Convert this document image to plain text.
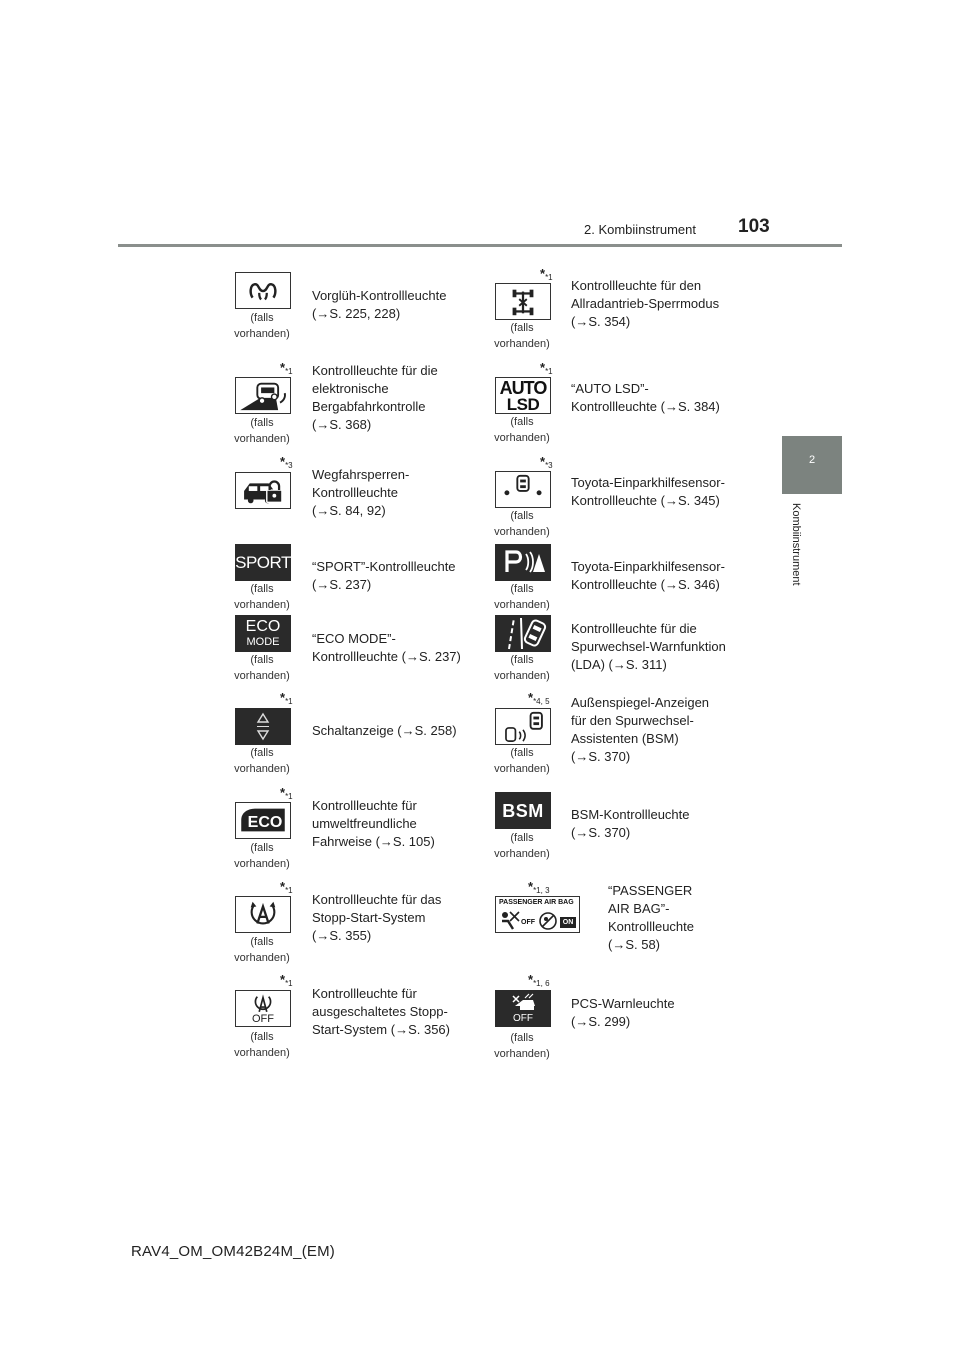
103
2. Kombiinstrument
2
Kombiinstrument
(falls vorhanden)
Vorglüh-Kontrollleuchte
(→S. 225, 228)
$*_{*1}$
(falls vorhanden)
Kontrollleuchte für die
elektronische
Bergabfahrkontrolle
(→S. 368)
$*_{*3}$
Wegfahrsperren-
Kontrollleuchte
(→S. 84, 92)
SPORT
(falls vorhanden)
“SPORT”-Kontrollleuchte
(→S. 237)
ECO
MODE
(falls vorhanden)
“ECO MODE”-
Kontrollleuchte (→S. 237)
$*_{*1}$
(falls vorhanden)
Schaltanzeige (→S. 258)
$*_{*1}$
ECO
(falls vorhanden)
Kontrollleuchte für
umweltfreundliche
Fahrweise (→S. 105)
$*_{*1}$
(falls vorhanden)
Kontrollleuchte für das
Stopp-Start-System
(→S. 355)
$*_{*1}$
OFF
(falls vorhanden)
Kontrollleuchte für
ausgeschaltetes Stopp-
Start-System (→S. 356)
$*_{*1}$
(falls vorhanden)
Kontrollleuchte für den
Allradantrieb-Sperrmodus
(→S. 354)
$*_{*1}$
AUTO
LSD
(falls vorhanden)
“AUTO LSD”-
Kontrollleuchte (→S. 384)
$*_{*3}$
(falls vorhanden)
Toyota-Einparkhilfesensor-
Kontrollleuchte (→S. 345)
(falls vorhanden)
Toyota-Einparkhilfesensor-
Kontrollleuchte (→S. 346)
(falls vorhanden)
Kontrollleuchte für die
Spurwechsel-Warnfunktion
(LDA) (→S. 311)
$*_{*4, 5}$
(falls vorhanden)
Außenspiegel-Anzeigen
für den Spurwechsel-
Assistenten (BSM)
(→S. 370)
BSM
(falls vorhanden)
BSM-Kontrollleuchte
(→S. 370)
$*_{*1, 3}$
PASSENGER AIR BAG
OFF	ON
“PASSENGER
AIR BAG”-
Kontrollleuchte
(→S. 58)
$*_{*1, 6}$
OFF
(falls vorhanden)
PCS-Warnleuchte
(→S. 299)
RAV4_OM_OM42B24M_(EM)
